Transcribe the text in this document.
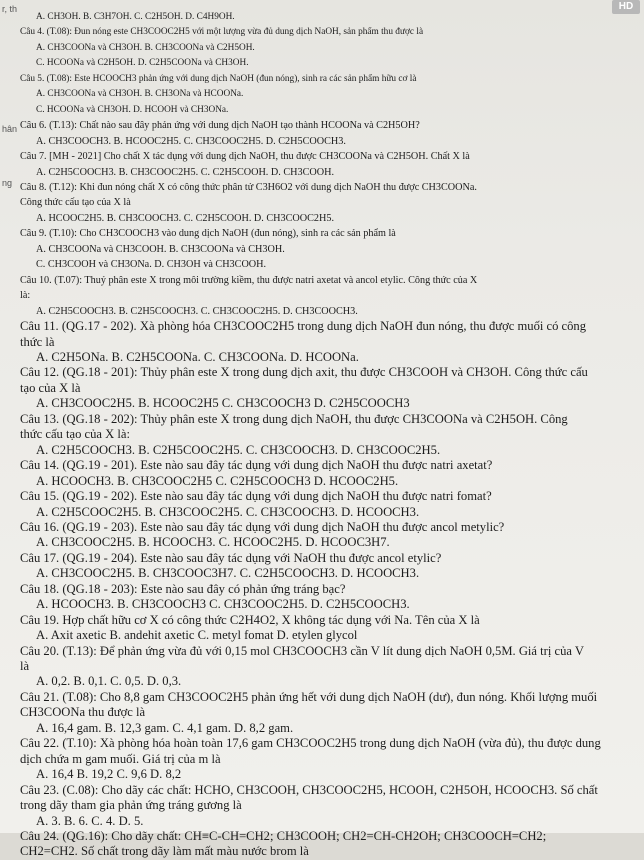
HD
r, th
hân
ng
A. CH3OH. B. C3H7OH. C. C2H5OH. D. C4H9OH.
Câu 4. (T.08): Đun nóng este CH3COOC2H5 với một lượng vừa đủ dung dịch NaOH, sản phẩm thu được là
A. CH3COONa và CH3OH. B. CH3COONa và C2H5OH.
C. HCOONa và C2H5OH. D. C2H5COONa và CH3OH.
Câu 5. (T.08): Este HCOOCH3 phản ứng với dung dịch NaOH (đun nóng), sinh ra các sản phẩm hữu cơ là
A. CH3COONa và CH3OH. B. CH3ONa và HCOONa.
C. HCOONa và CH3OH. D. HCOOH và CH3ONa.
Câu 6. (T.13): Chất nào sau đây phản ứng với dung dịch NaOH tạo thành HCOONa và C2H5OH?
A. CH3COOCH3. B. HCOOC2H5. C. CH3COOC2H5. D. C2H5COOCH3.
Câu 7. [MH - 2021] Cho chất X tác dụng với dung dịch NaOH, thu được CH3COONa và C2H5OH. Chất X là
A. C2H5COOCH3. B. CH3COOC2H5. C. C2H5COOH. D. CH3COOH.
Câu 8. (T.12): Khi đun nóng chất X có công thức phân tử C3H6O2 với dung dịch NaOH thu được CH3COONa.
Công thức cấu tạo của X là
A. HCOOC2H5. B. CH3COOCH3. C. C2H5COOH. D. CH3COOC2H5.
Câu 9. (T.10): Cho CH3COOCH3 vào dung dịch NaOH (đun nóng), sinh ra các sản phẩm là
A. CH3COONa và CH3COOH. B. CH3COONa và CH3OH.
C. CH3COOH và CH3ONa. D. CH3OH và CH3COOH.
Câu 10. (T.07): Thuỷ phân este X trong môi trường kiềm, thu được natri axetat và ancol etylic. Công thức của X
là:
A. C2H5COOCH3. B. C2H5COOCH3. C. CH3COOC2H5. D. CH3COOCH3.
Câu 11. (QG.17 - 202). Xà phòng hóa CH3COOC2H5 trong dung dịch NaOH đun nóng, thu được muối có công
thức là
A. C2H5ONa. B. C2H5COONa. C. CH3COONa. D. HCOONa.
Câu 12. (QG.18 - 201): Thủy phân este X trong dung dịch axit, thu được CH3COOH và CH3OH. Công thức cấu
tạo của X là
A. CH3COOC2H5. B. HCOOC2H5 C. CH3COOCH3 D. C2H5COOCH3
Câu 13. (QG.18 - 202): Thủy phân este X trong dung dịch NaOH, thu được CH3COONa và C2H5OH. Công
thức cấu tạo của X là:
A. C2H5COOCH3. B. C2H5COOC2H5. C. CH3COOCH3. D. CH3COOC2H5.
Câu 14. (QG.19 - 201). Este nào sau đây tác dụng với dung dịch NaOH thu được natri axetat?
A. HCOOCH3. B. CH3COOC2H5 C. C2H5COOCH3 D. HCOOC2H5.
Câu 15. (QG.19 - 202). Este nào sau đây tác dụng với dung dịch NaOH thu được natri fomat?
A. C2H5COOC2H5. B. CH3COOC2H5. C. CH3COOCH3. D. HCOOCH3.
Câu 16. (QG.19 - 203). Este nào sau đây tác dụng với dung dịch NaOH thu được ancol metylic?
A. CH3COOC2H5. B. HCOOCH3. C. HCOOC2H5. D. HCOOC3H7.
Câu 17. (QG.19 - 204). Este nào sau đây tác dụng với NaOH thu được ancol etylic?
A. CH3COOC2H5. B. CH3COOC3H7. C. C2H5COOCH3. D. HCOOCH3.
Câu 18. (QG.18 - 203): Este nào sau đây có phản ứng tráng bạc?
A. HCOOCH3. B. CH3COOCH3 C. CH3COOC2H5. D. C2H5COOCH3.
Câu 19. Hợp chất hữu cơ X có công thức C2H4O2, X không tác dụng với Na. Tên của X là
A. Axit axetic B. andehit axetic C. metyl fomat D. etylen glycol
Câu 20. (T.13): Để phản ứng vừa đủ với 0,15 mol CH3COOCH3 cần V lít dung dịch NaOH 0,5M. Giá trị của V
là
A. 0,2. B. 0,1. C. 0,5. D. 0,3.
Câu 21. (T.08): Cho 8,8 gam CH3COOC2H5 phản ứng hết với dung dịch NaOH (dư), đun nóng. Khối lượng muối
CH3COONa thu được là
A. 16,4 gam. B. 12,3 gam. C. 4,1 gam. D. 8,2 gam.
Câu 22. (T.10): Xà phòng hóa hoàn toàn 17,6 gam CH3COOC2H5 trong dung dịch NaOH (vừa đủ), thu được dung
dịch chứa m gam muối. Giá trị của m là
A. 16,4 B. 19,2 C. 9,6 D. 8,2
Câu 23. (C.08): Cho dãy các chất: HCHO, CH3COOH, CH3COOC2H5, HCOOH, C2H5OH, HCOOCH3. Số chất
trong dãy tham gia phản ứng tráng gương là
A. 3. B. 6. C. 4. D. 5.
Câu 24. (QG.16): Cho dãy chất: CH≡C-CH=CH2; CH3COOH; CH2=CH-CH2OH; CH3COOCH=CH2;
CH2=CH2. Số chất trong dãy làm mất màu nước brom là
